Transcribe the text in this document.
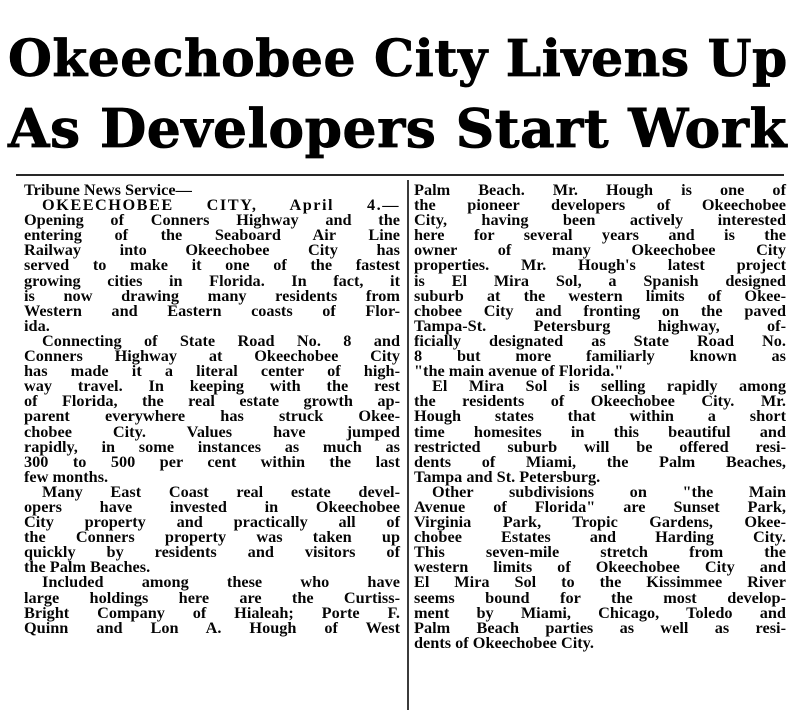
Okeechobee City Livens Up
As Developers Start Work
Tribune News Service—
OKEECHOBEE CITY, April 4.—
Opening of Conners Highway and the
entering of the Seaboard Air Line
Railway into Okeechobee City has
served to make it one of the fastest
growing cities in Florida. In fact, it
is now drawing many residents from
Western and Eastern coasts of Flor-
ida.
Connecting of State Road No. 8 and
Conners Highway at Okeechobee City
has made it a literal center of high-
way travel. In keeping with the rest
of Florida, the real estate growth ap-
parent everywhere has struck Okee-
chobee City. Values have jumped
rapidly, in some instances as much as
300 to 500 per cent within the last
few months.
Many East Coast real estate devel-
opers have invested in Okeechobee
City property and practically all of
the Conners property was taken up
quickly by residents and visitors of
the Palm Beaches.
Included among these who have
large holdings here are the Curtiss-
Bright Company of Hialeah; Porte F.
Quinn and Lon A. Hough of West
Palm Beach. Mr. Hough is one of
the pioneer developers of Okeechobee
City, having been actively interested
here for several years and is the
owner of many Okeechobee City
properties. Mr. Hough's latest project
is El Mira Sol, a Spanish designed
suburb at the western limits of Okee-
chobee City and fronting on the paved
Tampa-St. Petersburg highway, of-
ficially designated as State Road No.
8 but more familiarly known as
"the main avenue of Florida."
El Mira Sol is selling rapidly among
the residents of Okeechobee City. Mr.
Hough states that within a short
time homesites in this beautiful and
restricted suburb will be offered resi-
dents of Miami, the Palm Beaches,
Tampa and St. Petersburg.
Other subdivisions on "the Main
Avenue of Florida" are Sunset Park,
Virginia Park, Tropic Gardens, Okee-
chobee Estates and Harding City.
This seven-mile stretch from the
western limits of Okeechobee City and
El Mira Sol to the Kissimmee River
seems bound for the most develop-
ment by Miami, Chicago, Toledo and
Palm Beach parties as well as resi-
dents of Okeechobee City.
